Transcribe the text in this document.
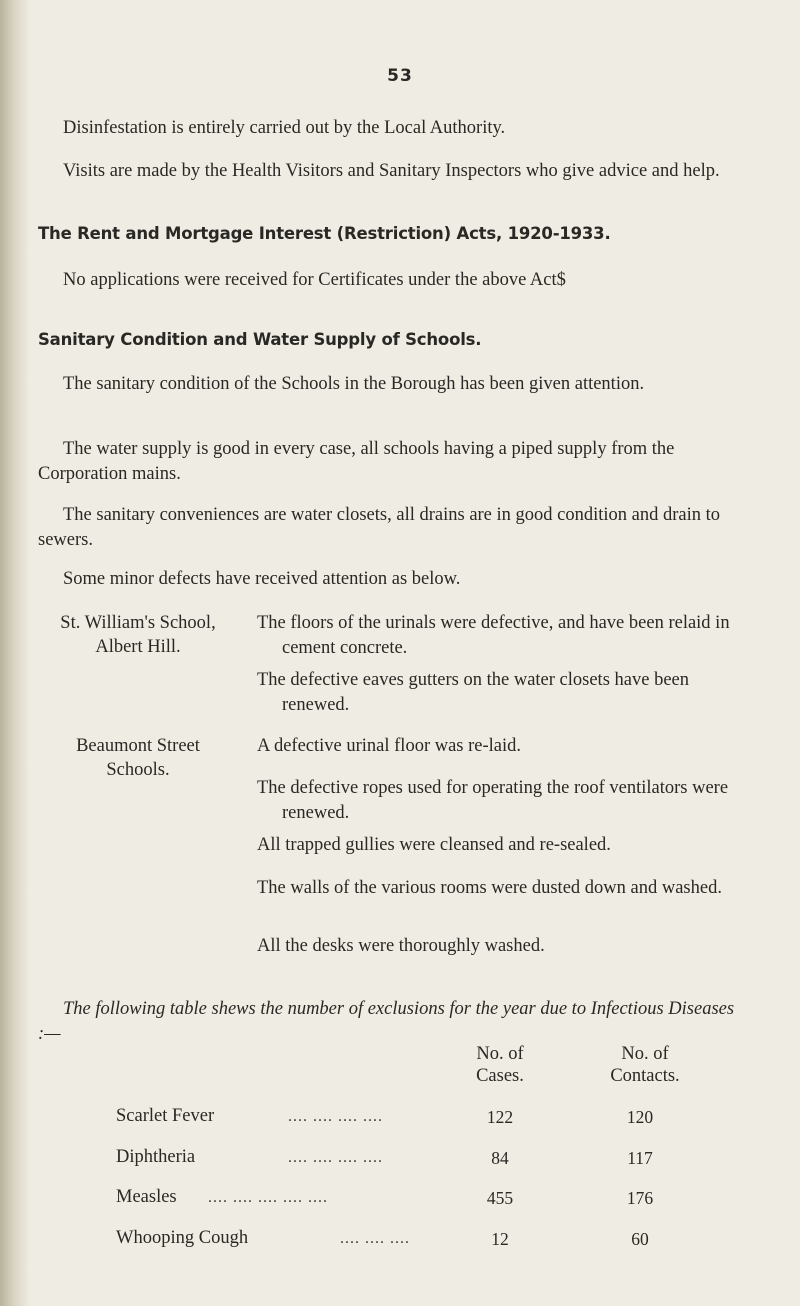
53
Disinfestation is entirely carried out by the Local Authority.
Visits are made by the Health Visitors and Sanitary Inspectors who give advice and help.
The Rent and Mortgage Interest (Restriction) Acts, 1920-1933.
No applications were received for Certificates under the above Act$
Sanitary Condition and Water Supply of Schools.
The sanitary condition of the Schools in the Borough has been given attention.
The water supply is good in every case, all schools having a piped supply from the Corporation mains.
The sanitary conveniences are water closets, all drains are in good condition and drain to sewers.
Some minor defects have received attention as below.
St. William's School,
Albert Hill.
The floors of the urinals were defective, and have been relaid in cement concrete.
The defective eaves gutters on the water closets have been renewed.
Beaumont Street
Schools.
A defective urinal floor was re-laid.
The defective ropes used for operating the roof ventilators were renewed.
All trapped gullies were cleansed and re-sealed.
The walls of the various rooms were dusted down and washed.
All the desks were thoroughly washed.
The following table shews the number of exclusions for the year due to Infectious Diseases :—
No. of
Cases.
No. of
Contacts.
Scarlet Fever	.... .... .... ....	122	120
Diphtheria	.... .... .... ....	84	117
Measles .... .... .... .... ....	455	176
Whooping Cough	.... .... ....	12	60
